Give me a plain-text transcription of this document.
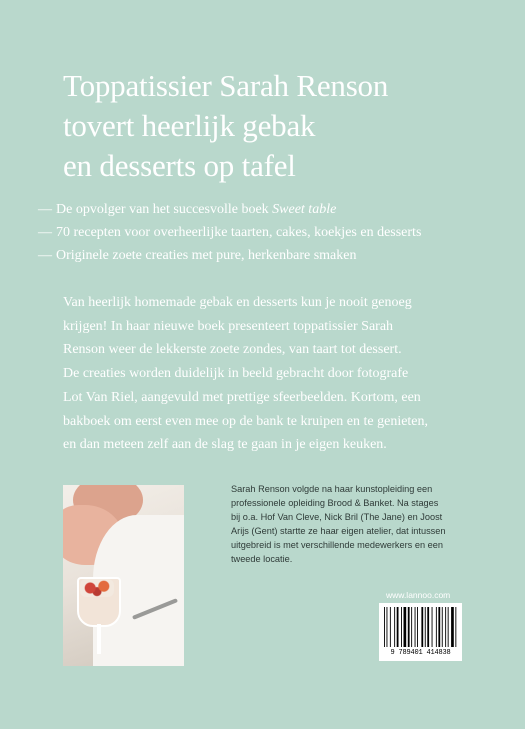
Toppatissier Sarah Renson
tovert heerlijk gebak
en desserts op tafel
— De opvolger van het succesvolle boek Sweet table
— 70 recepten voor overheerlijke taarten, cakes, koekjes en desserts
— Originele zoete creaties met pure, herkenbare smaken

Van heerlijk homemade gebak en desserts kun je nooit genoeg
krijgen! In haar nieuwe boek presenteert toppatissier Sarah
Renson weer de lekkerste zoete zondes, van taart tot dessert.
De creaties worden duidelijk in beeld gebracht door fotografe
Lot Van Riel, aangevuld met prettige sfeerbeelden. Kortom, een
bakboek om eerst even mee op de bank te kruipen en te genieten,
en dan meteen zelf aan de slag te gaan in je eigen keuken.

Sarah Renson volgde na haar kunstopleiding een
professionele opleiding Brood & Banket. Na stages
bij o.a. Hof Van Cleve, Nick Bril (The Jane) en Joost
Arijs (Gent) startte ze haar eigen atelier, dat intussen
uitgebreid is met verschillende medewerkers en een
tweede locatie.

www.lannoo.com
9 789401 414838
